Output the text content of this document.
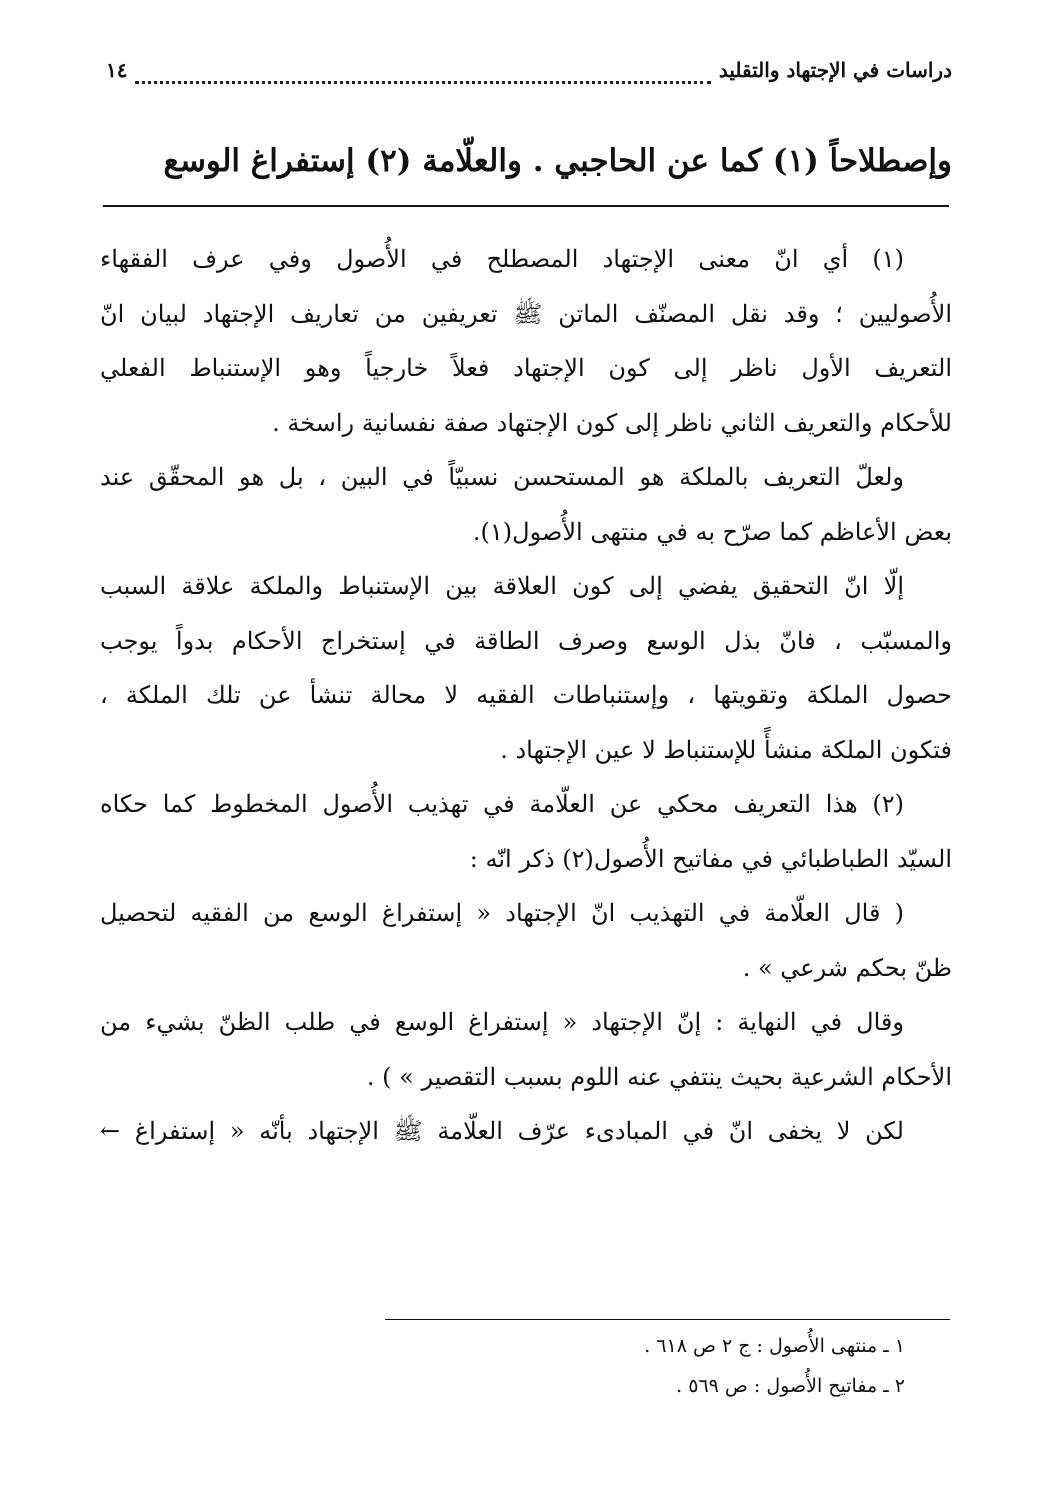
دراسات في الإجتهاد والتقليد
١٤
وإصطلاحاً (١) كما عن الحاجبي . والعلّامة (٢) إستفراغ الوسع
(١) أي انّ معنى الإجتهاد المصطلح في الأُصول وفي عرف الفقهاء
الأُصوليين ؛ وقد نقل المصنّف الماتن ﷺ تعريفين من تعاريف الإجتهاد لبيان انّ
التعريف الأول ناظر إلى كون الإجتهاد فعلاً خارجياً وهو الإستنباط الفعلي
للأحكام والتعريف الثاني ناظر إلى كون الإجتهاد صفة نفسانية راسخة .
ولعلّ التعريف بالملكة هو المستحسن نسبيّاً في البين ، بل هو المحقّق عند
بعض الأعاظم كما صرّح به في منتهى الأُصول(١).
إلّا انّ التحقيق يفضي إلى كون العلاقة بين الإستنباط والملكة علاقة السبب
والمسبّب ، فانّ بذل الوسع وصرف الطاقة في إستخراج الأحكام بدواً يوجب
حصول الملكة وتقويتها ، وإستنباطات الفقيه لا محالة تنشأ عن تلك الملكة ،
فتكون الملكة منشأً للإستنباط لا عين الإجتهاد .
(٢) هذا التعريف محكي عن العلّامة في تهذيب الأُصول المخطوط كما حكاه
السيّد الطباطبائي في مفاتيح الأُصول(٢) ذكر انّه :
( قال العلّامة في التهذيب انّ الإجتهاد « إستفراغ الوسع من الفقيه لتحصيل
ظنّ بحكم شرعي » .
وقال في النهاية : إنّ الإجتهاد « إستفراغ الوسع في طلب الظنّ بشيء من
الأحكام الشرعية بحيث ينتفي عنه اللوم بسبب التقصير » ) .
لكن لا يخفى انّ في المبادىء عرّف العلّامة ﷺ الإجتهاد بأنّه « إستفراغ ←
١ ـ منتهى الأُصول : ج ٢ ص ٦١٨ .
٢ ـ مفاتيح الأُصول : ص ٥٦٩ .
